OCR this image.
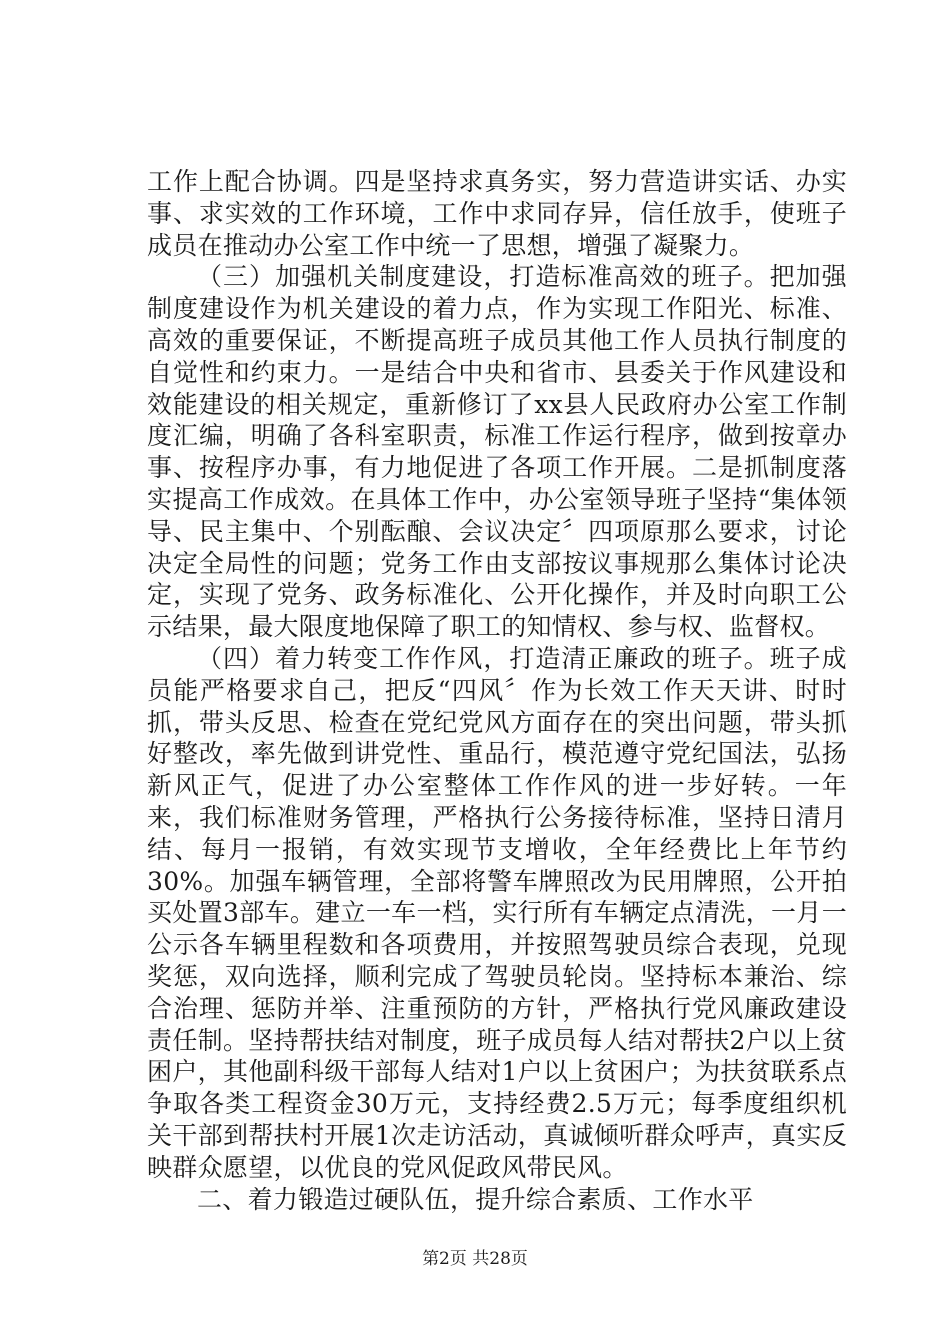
工作上配合协调。四是坚持求真务实，努力营造讲实话、办实事、求实效的工作环境，工作中求同存异，信任放手，使班子成员在推动办公室工作中统一了思想，增强了凝聚力。

（三）加强机关制度建设，打造标准高效的班子。把加强制度建设作为机关建设的着力点，作为实现工作阳光、标准、高效的重要保证，不断提高班子成员其他工作人员执行制度的自觉性和约束力。一是结合中央和省市、县委关于作风建设和效能建设的相关规定，重新修订了xx县人民政府办公室工作制度汇编，明确了各科室职责，标准工作运行程序，做到按章办事、按程序办事，有力地促进了各项工作开展。二是抓制度落实提高工作成效。在具体工作中，办公室领导班子坚持“集体领导、民主集中、个别酝酿、会议决定〞四项原那么要求，讨论决定全局性的问题；党务工作由支部按议事规那么集体讨论决定，实现了党务、政务标准化、公开化操作，并及时向职工公示结果，最大限度地保障了职工的知情权、参与权、监督权。

（四）着力转变工作作风，打造清正廉政的班子。班子成员能严格要求自己，把反“四风〞作为长效工作天天讲、时时抓，带头反思、检查在党纪党风方面存在的突出问题，带头抓好整改，率先做到讲党性、重品行，模范遵守党纪国法，弘扬新风正气，促进了办公室整体工作作风的进一步好转。一年来，我们标准财务管理，严格执行公务接待标准，坚持日清月结、每月一报销，有效实现节支增收，全年经费比上年节约30%。加强车辆管理，全部将警车牌照改为民用牌照，公开拍买处置3部车。建立一车一档，实行所有车辆定点清洗，一月一公示各车辆里程数和各项费用，并按照驾驶员综合表现，兑现奖惩，双向选择，顺利完成了驾驶员轮岗。坚持标本兼治、综合治理、惩防并举、注重预防的方针，严格执行党风廉政建设责任制。坚持帮扶结对制度，班子成员每人结对帮扶2户以上贫困户，其他副科级干部每人结对1户以上贫困户；为扶贫联系点争取各类工程资金30万元，支持经费2.5万元；每季度组织机关干部到帮扶村开展1次走访活动，真诚倾听群众呼声，真实反映群众愿望，以优良的党风促政风带民风。

二、着力锻造过硬队伍，提升综合素质、工作水平

第2页 共28页
